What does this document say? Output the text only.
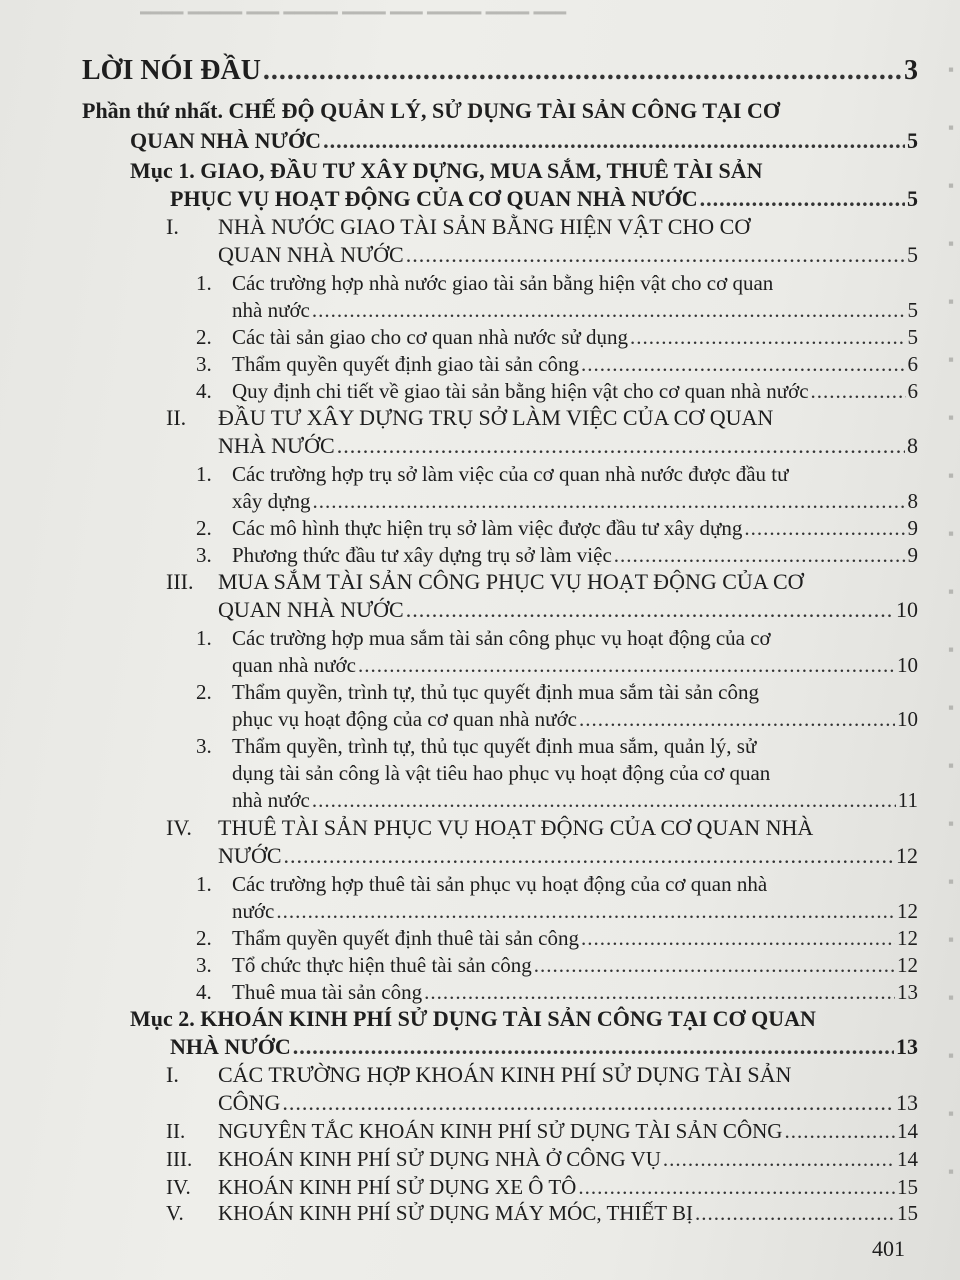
━━━━ ━━━━━ ━━━ ━━━━━ ━━━━ ━━━ ━━━━━ ━━━━ ━━━
▪
▪
▪
▪
▪
▪
▪
▪
▪
▪
▪
▪
▪
▪
▪
▪
▪
▪
▪
▪
LỜI NÓI ĐẦU .....	3
Phần thứ nhất. CHẾ ĐỘ QUẢN LÝ, SỬ DỤNG TÀI SẢN CÔNG TẠI CƠ
QUAN NHÀ NƯỚC .....	5
Mục 1. GIAO, ĐẦU TƯ XÂY DỰNG, MUA SẮM, THUÊ TÀI SẢN
PHỤC VỤ HOẠT ĐỘNG CỦA CƠ QUAN NHÀ NƯỚC .....	5
I. NHÀ NƯỚC GIAO TÀI SẢN BẰNG HIỆN VẬT CHO CƠ
QUAN NHÀ NƯỚC .....	5
1. Các trường hợp nhà nước giao tài sản bằng hiện vật cho cơ quan
nhà nước .....	5
2. Các tài sản giao cho cơ quan nhà nước sử dụng .....	5
3. Thẩm quyền quyết định giao tài sản công .....	6
4. Quy định chi tiết về giao tài sản bằng hiện vật cho cơ quan nhà nước .....	6
II. ĐẦU TƯ XÂY DỰNG TRỤ SỞ LÀM VIỆC CỦA CƠ QUAN
NHÀ NƯỚC .....	8
1. Các trường hợp trụ sở làm việc của cơ quan nhà nước được đầu tư
xây dựng .....	8
2. Các mô hình thực hiện trụ sở làm việc được đầu tư xây dựng .....	9
3. Phương thức đầu tư xây dựng trụ sở làm việc .....	9
III. MUA SẮM TÀI SẢN CÔNG PHỤC VỤ HOẠT ĐỘNG CỦA CƠ
QUAN NHÀ NƯỚC .....	10
1. Các trường hợp mua sắm tài sản công phục vụ hoạt động của cơ
quan nhà nước .....	10
2. Thẩm quyền, trình tự, thủ tục quyết định mua sắm tài sản công
phục vụ hoạt động của cơ quan nhà nước .....	10
3. Thẩm quyền, trình tự, thủ tục quyết định mua sắm, quản lý, sử
dụng tài sản công là vật tiêu hao phục vụ hoạt động của cơ quan
nhà nước .....	11
IV. THUÊ TÀI SẢN PHỤC VỤ HOẠT ĐỘNG CỦA CƠ QUAN NHÀ
NƯỚC .....	12
1. Các trường hợp thuê tài sản phục vụ hoạt động của cơ quan nhà
nước .....	12
2. Thẩm quyền quyết định thuê tài sản công .....	12
3. Tổ chức thực hiện thuê tài sản công .....	12
4. Thuê mua tài sản công .....	13
Mục 2. KHOÁN KINH PHÍ SỬ DỤNG TÀI SẢN CÔNG TẠI CƠ QUAN
NHÀ NƯỚC .....	13
I. CÁC TRƯỜNG HỢP KHOÁN KINH PHÍ SỬ DỤNG TÀI SẢN
CÔNG .....	13
II. NGUYÊN TẮC KHOÁN KINH PHÍ SỬ DỤNG TÀI SẢN CÔNG .....	14
III. KHOÁN KINH PHÍ SỬ DỤNG NHÀ Ở CÔNG VỤ .....	14
IV. KHOÁN KINH PHÍ SỬ DỤNG XE Ô TÔ .....	15
V. KHOÁN KINH PHÍ SỬ DỤNG MÁY MÓC, THIẾT BỊ .....	15
401
